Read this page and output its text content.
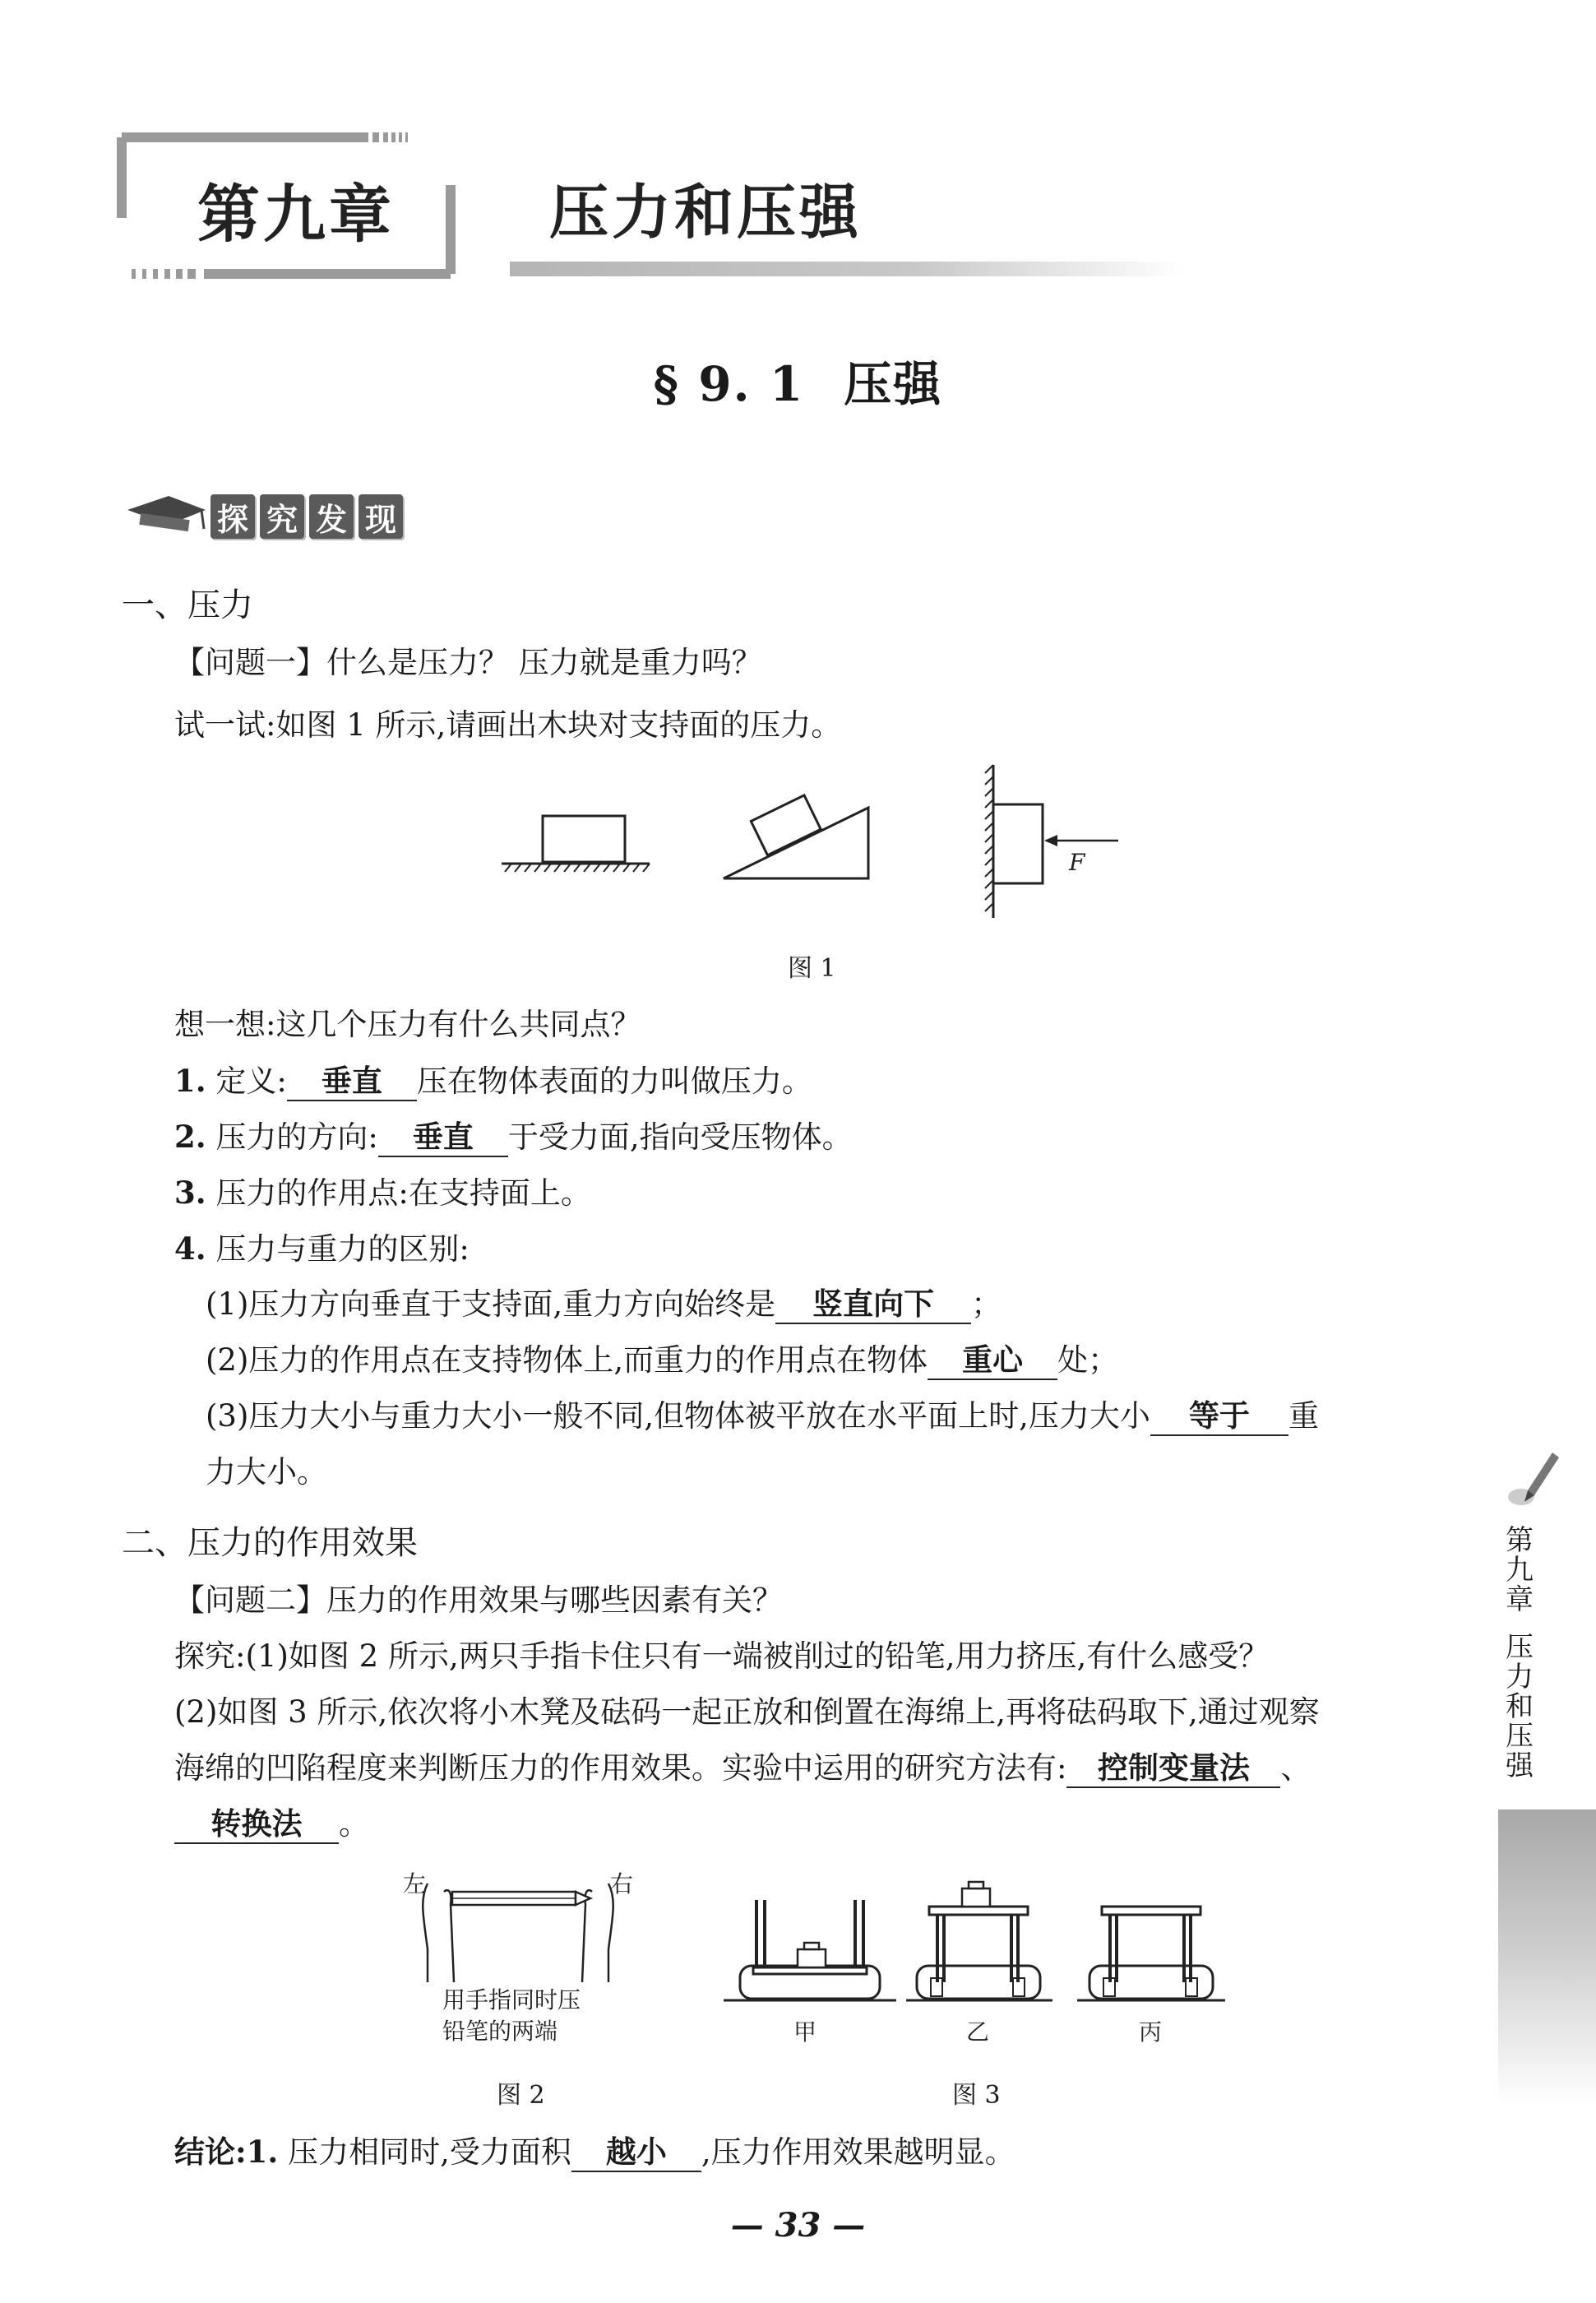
第九章	压力和压强
§ 9. 1 压强
探 究 发 现
一、压力
【问题一】什么是压力？ 压力就是重力吗？
试一试:如图 1 所示,请画出木块对支持面的压力。
F
图 1
想一想:这几个压力有什么共同点？
1. 定义: 垂直 压在物体表面的力叫做压力。
2. 压力的方向: 垂直 于受力面,指向受压物体。
3. 压力的作用点:在支持面上。
4. 压力与重力的区别:
(1)压力方向垂直于支持面,重力方向始终是 竖直向下 ；
(2)压力的作用点在支持物体上,而重力的作用点在物体 重心 处；
(3)压力大小与重力大小一般不同,但物体被平放在水平面上时,压力大小 等于 重
力大小。
二、压力的作用效果
【问题二】压力的作用效果与哪些因素有关？
探究:(1)如图 2 所示,两只手指卡住只有一端被削过的铅笔,用力挤压,有什么感受？
(2)如图 3 所示,依次将小木凳及砝码一起正放和倒置在海绵上,再将砝码取下,通过观察
海绵的凹陷程度来判断压力的作用效果。实验中运用的研究方法有: 控制变量法 、
转换法 。
左	右
用手指同时压
铅笔的两端
图 2
甲	乙	丙
图 3
结论:1. 压力相同时,受力面积 越小 ,压力作用效果越明显。
第
九
章
压
力
和
压
强
— 33 —
